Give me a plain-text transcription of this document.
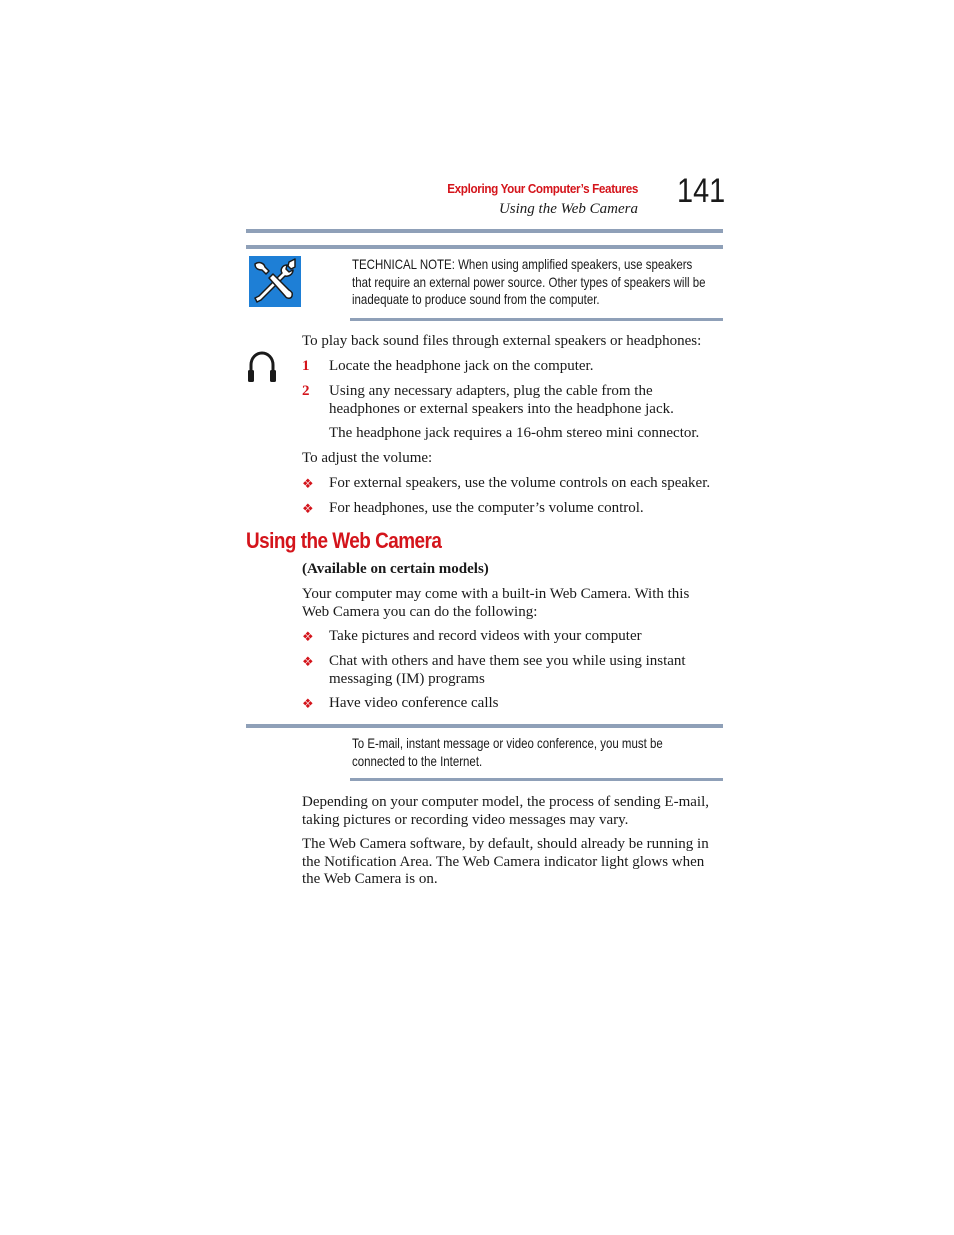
Exploring Your Computer’s Features
Using the Web Camera 141
TECHNICAL NOTE: When using amplified speakers, use speakers
that require an external power source. Other types of speakers will be
inadequate to produce sound from the computer.
To play back sound files through external speakers or headphones:
1 Locate the headphone jack on the computer.
2 Using any necessary adapters, plug the cable from the
headphones or external speakers into the headphone jack.
The headphone jack requires a 16-ohm stereo mini connector.
To adjust the volume:
❖ For external speakers, use the volume controls on each speaker.
❖ For headphones, use the computer’s volume control.
Using the Web Camera
(Available on certain models)
Your computer may come with a built-in Web Camera. With this
Web Camera you can do the following:
❖ Take pictures and record videos with your computer
❖ Chat with others and have them see you while using instant
messaging (IM) programs
❖ Have video conference calls
To E-mail, instant message or video conference, you must be
connected to the Internet.
Depending on your computer model, the process of sending E-mail,
taking pictures or recording video messages may vary.
The Web Camera software, by default, should already be running in
the Notification Area. The Web Camera indicator light glows when
the Web Camera is on.
